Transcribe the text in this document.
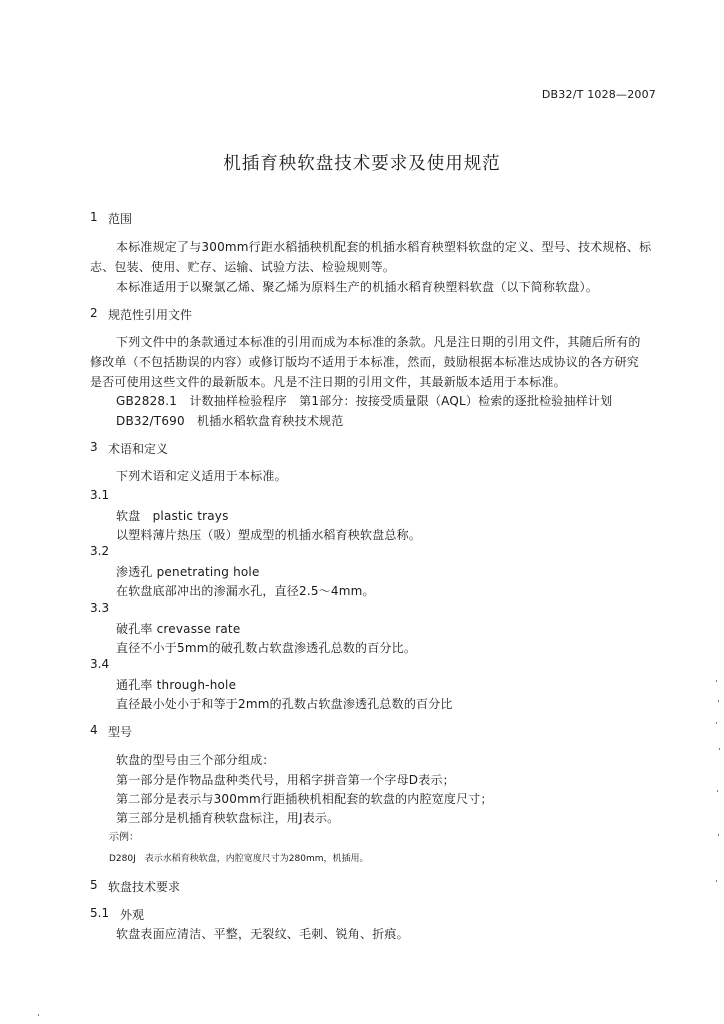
DB32/T 1028—2007
机插育秧软盘技术要求及使用规范
1 范围
本标准规定了与300mm行距水稻插秧机配套的机插水稻育秧塑料软盘的定义、型号、技术规格、标
志、包装、使用、贮存、运输、试验方法、检验规则等。
本标准适用于以聚氯乙烯、聚乙烯为原料生产的机插水稻育秧塑料软盘（以下简称软盘）。
2 规范性引用文件
下列文件中的条款通过本标准的引用而成为本标准的条款。凡是注日期的引用文件，其随后所有的
修改单（不包括勘误的内容）或修订版均不适用于本标准，然而，鼓励根据本标准达成协议的各方研究
是否可使用这些文件的最新版本。凡是不注日期的引用文件，其最新版本适用于本标准。
GB2828.1　计数抽样检验程序　第1部分：按接受质量限（AQL）检索的逐批检验抽样计划
DB32/T690　机插水稻软盘育秧技术规范
3 术语和定义
下列术语和定义适用于本标准。
3.1
软盘　plastic trays
以塑料薄片热压（吸）塑成型的机插水稻育秧软盘总称。
3.2
渗透孔 penetrating hole
在软盘底部冲出的渗漏水孔，直径2.5～4mm。
3.3
破孔率 crevasse rate
直径不小于5mm的破孔数占软盘渗透孔总数的百分比。
3.4
通孔率 through-hole
直径最小处小于和等于2mm的孔数占软盘渗透孔总数的百分比
4 型号
软盘的型号由三个部分组成：
第一部分是作物品盘种类代号，用稻字拼音第一个字母D表示；
第二部分是表示与300mm行距插秧机相配套的软盘的内腔宽度尺寸；
第三部分是机插育秧软盘标注，用J表示。
示例：
D280J　表示水稻育秧软盘，内腔宽度尺寸为280mm，机插用。
5 软盘技术要求
5.1 外观
软盘表面应清洁、平整，无裂纹、毛刺、锐角、折痕。
